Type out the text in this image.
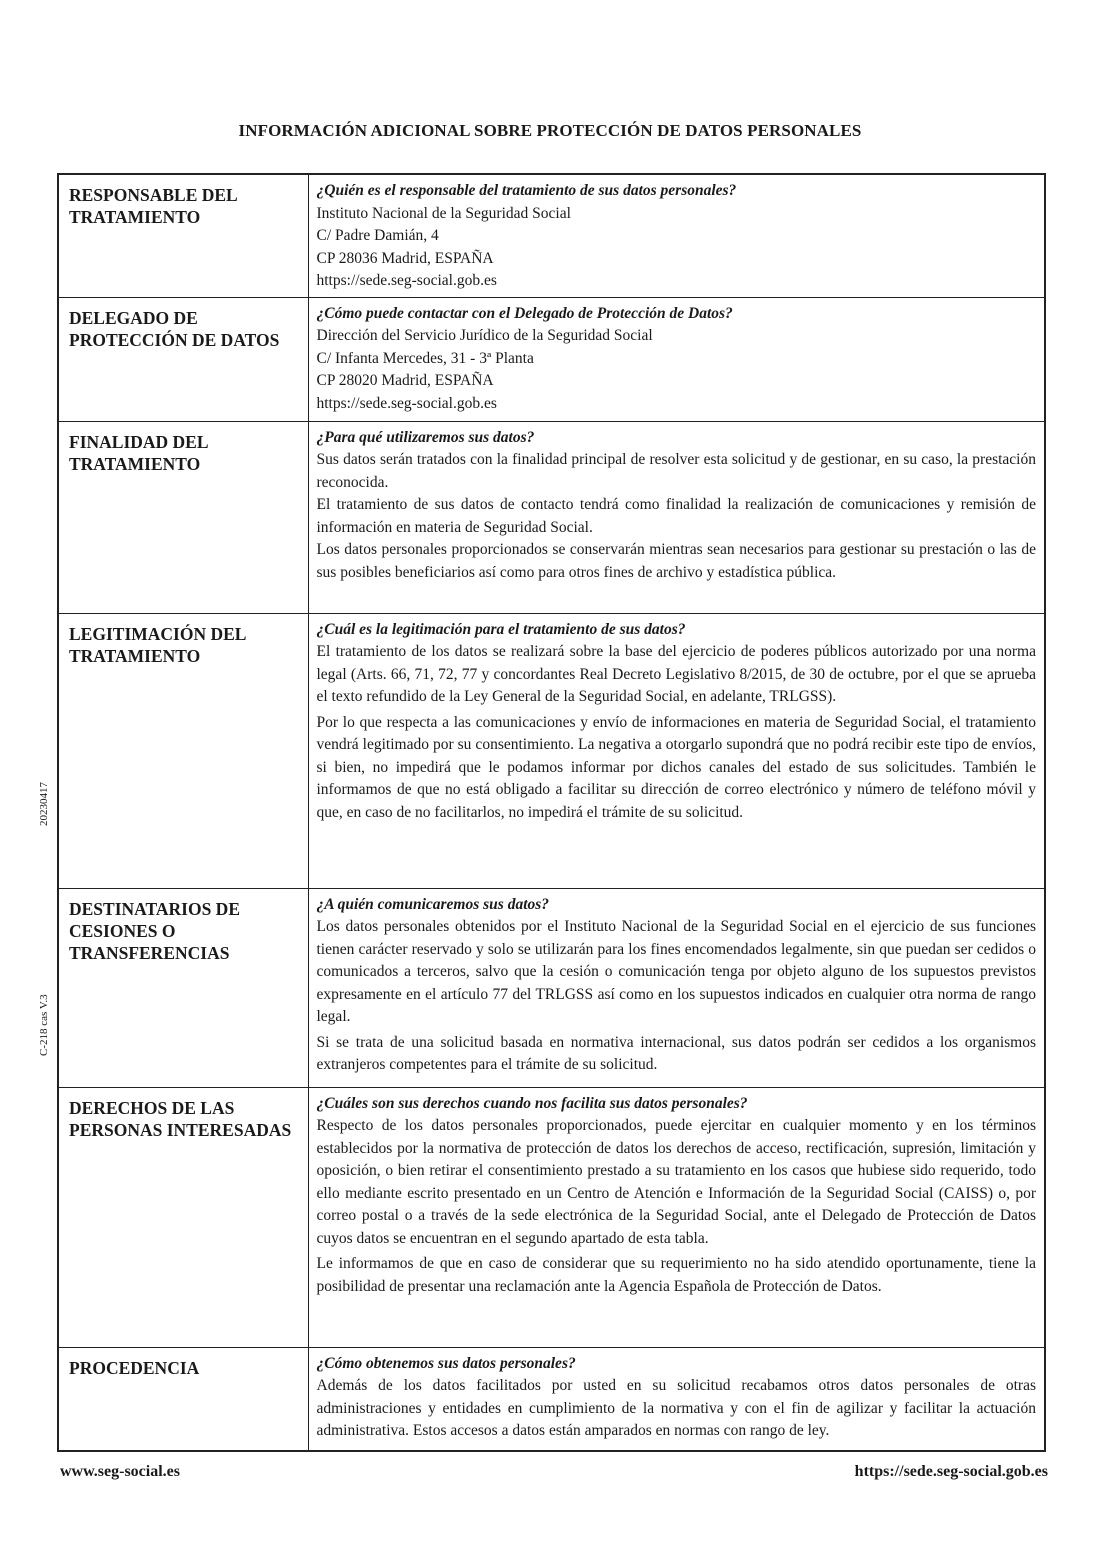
INFORMACIÓN ADICIONAL SOBRE PROTECCIÓN DE DATOS PERSONALES
20230417
C-218 cas V.3
RESPONSABLE DEL TRATAMIENTO	¿Quién es el responsable del tratamiento de sus datos personales?
Instituto Nacional de la Seguridad Social
C/ Padre Damián, 4
CP 28036 Madrid, ESPAÑA
https://sede.seg-social.gob.es

DELEGADO DE PROTECCIÓN DE DATOS	¿Cómo puede contactar con el Delegado de Protección de Datos?
Dirección del Servicio Jurídico de la Seguridad Social
C/ Infanta Mercedes, 31 - 3ª Planta
CP 28020 Madrid, ESPAÑA
https://sede.seg-social.gob.es

FINALIDAD DEL TRATAMIENTO	¿Para qué utilizaremos sus datos?
Sus datos serán tratados con la finalidad principal de resolver esta solicitud y de gestionar, en su caso, la prestación reconocida.
El tratamiento de sus datos de contacto tendrá como finalidad la realización de comunicaciones y remisión de información en materia de Seguridad Social.
Los datos personales proporcionados se conservarán mientras sean necesarios para gestionar su prestación o las de sus posibles beneficiarios así como para otros fines de archivo y estadística pública.

LEGITIMACIÓN DEL TRATAMIENTO	¿Cuál es la legitimación para el tratamiento de sus datos?
El tratamiento de los datos se realizará sobre la base del ejercicio de poderes públicos autorizado por una norma legal (Arts. 66, 71, 72, 77 y concordantes Real Decreto Legislativo 8/2015, de 30 de octubre, por el que se aprueba el texto refundido de la Ley General de la Seguridad Social, en adelante, TRLGSS).
Por lo que respecta a las comunicaciones y envío de informaciones en materia de Seguridad Social, el tratamiento vendrá legitimado por su consentimiento. La negativa a otorgarlo supondrá que no podrá recibir este tipo de envíos, si bien, no impedirá que le podamos informar por dichos canales del estado de sus solicitudes. También le informamos de que no está obligado a facilitar su dirección de correo electrónico y número de teléfono móvil y que, en caso de no facilitarlos, no impedirá el trámite de su solicitud.

DESTINATARIOS DE CESIONES O TRANSFERENCIAS	¿A quién comunicaremos sus datos?
Los datos personales obtenidos por el Instituto Nacional de la Seguridad Social en el ejercicio de sus funciones tienen carácter reservado y solo se utilizarán para los fines encomendados legalmente, sin que puedan ser cedidos o comunicados a terceros, salvo que la cesión o comunicación tenga por objeto alguno de los supuestos previstos expresamente en el artículo 77 del TRLGSS así como en los supuestos indicados en cualquier otra norma de rango legal.
Si se trata de una solicitud basada en normativa internacional, sus datos podrán ser cedidos a los organismos extranjeros competentes para el trámite de su solicitud.

DERECHOS DE LAS PERSONAS INTERESADAS	¿Cuáles son sus derechos cuando nos facilita sus datos personales?
Respecto de los datos personales proporcionados, puede ejercitar en cualquier momento y en los términos establecidos por la normativa de protección de datos los derechos de acceso, rectificación, supresión, limitación y oposición, o bien retirar el consentimiento prestado a su tratamiento en los casos que hubiese sido requerido, todo ello mediante escrito presentado en un Centro de Atención e Información de la Seguridad Social (CAISS) o, por correo postal o a través de la sede electrónica de la Seguridad Social, ante el Delegado de Protección de Datos cuyos datos se encuentran en el segundo apartado de esta tabla.
Le informamos de que en caso de considerar que su requerimiento no ha sido atendido oportunamente, tiene la posibilidad de presentar una reclamación ante la Agencia Española de Protección de Datos.

PROCEDENCIA	¿Cómo obtenemos sus datos personales?
Además de los datos facilitados por usted en su solicitud recabamos otros datos personales de otras administraciones y entidades en cumplimiento de la normativa y con el fin de agilizar y facilitar la actuación administrativa. Estos accesos a datos están amparados en normas con rango de ley.
www.seg-social.es	https://sede.seg-social.gob.es
